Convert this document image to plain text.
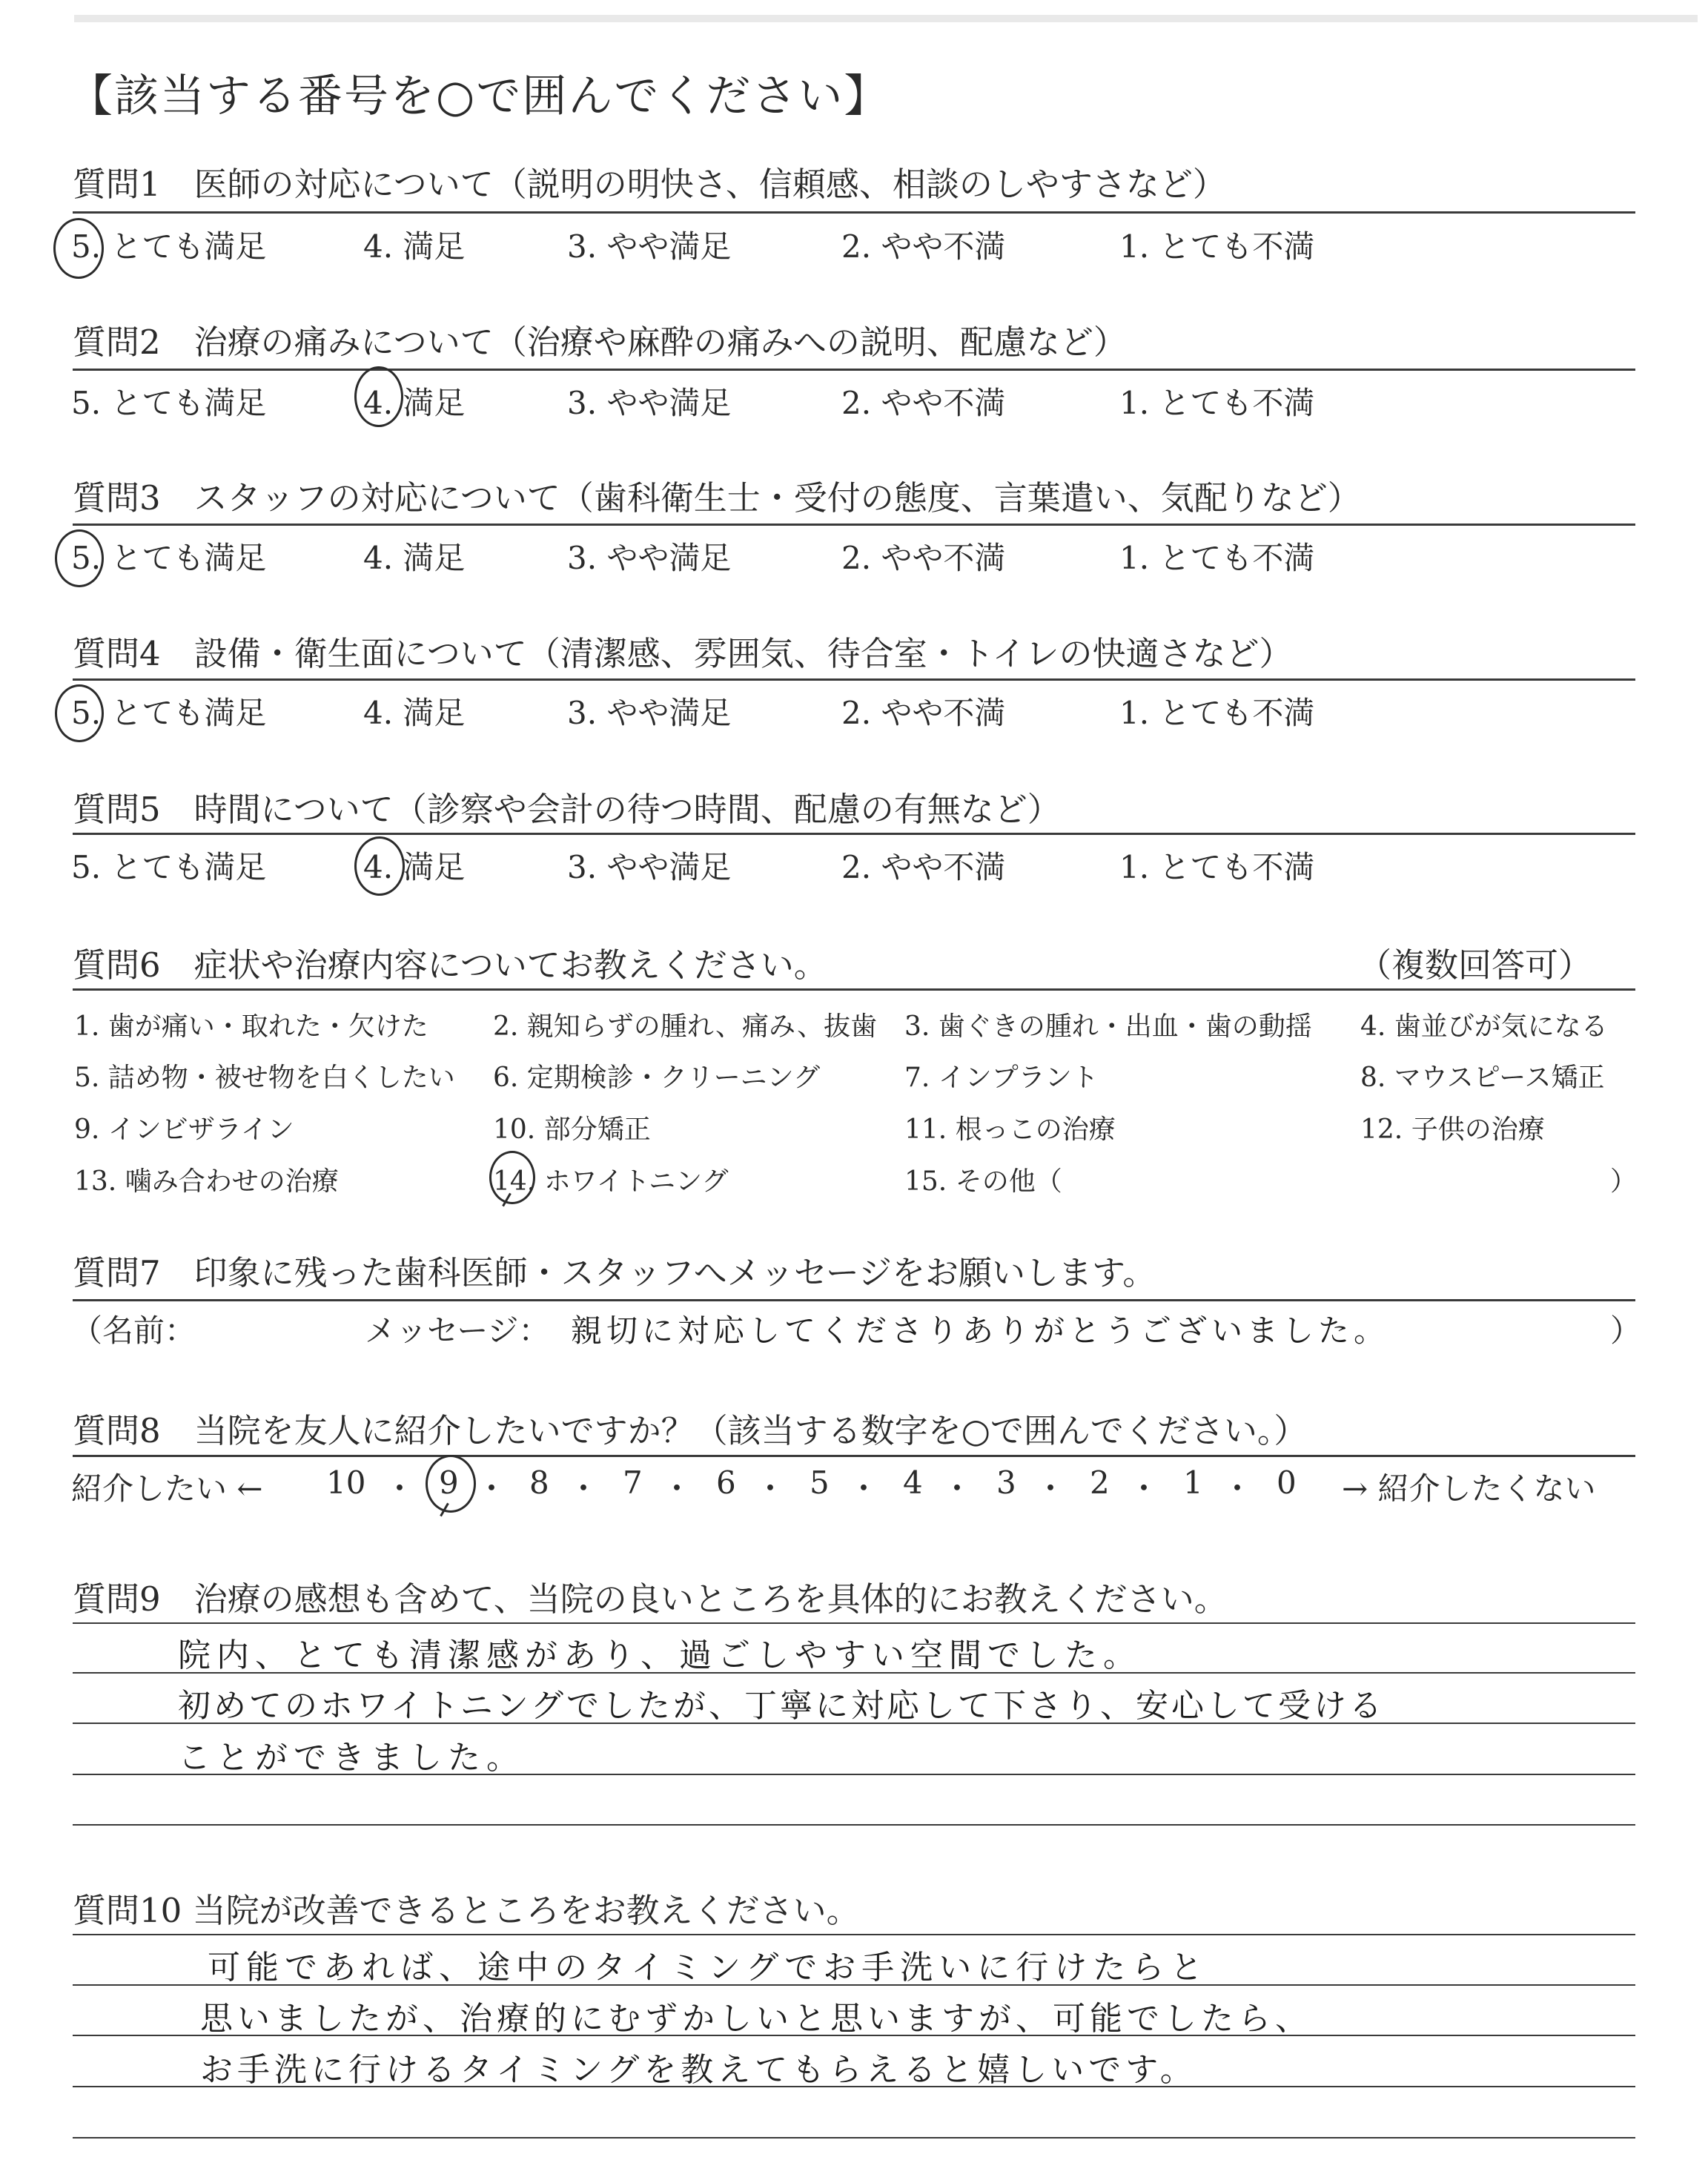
【該当する番号を○で囲んでください】
質問1　医師の対応について（説明の明快さ、信頼感、相談のしやすさなど）
5. とても満足	4. 満足	3. やや満足	2. やや不満	1. とても不満
質問2　治療の痛みについて（治療や麻酔の痛みへの説明、配慮など）
5. とても満足	4. 満足	3. やや満足	2. やや不満	1. とても不満
質問3　スタッフの対応について（歯科衛生士・受付の態度、言葉遣い、気配りなど）
5. とても満足	4. 満足	3. やや満足	2. やや不満	1. とても不満
質問4　設備・衛生面について（清潔感、雰囲気、待合室・トイレの快適さなど）
5. とても満足	4. 満足	3. やや満足	2. やや不満	1. とても不満
質問5　時間について（診察や会計の待つ時間、配慮の有無など）
5. とても満足	4. 満足	3. やや満足	2. やや不満	1. とても不満
質問6　症状や治療内容についてお教えください。	（複数回答可）
1. 歯が痛い・取れた・欠けた 2. 親知らずの腫れ、痛み、抜歯 3. 歯ぐきの腫れ・出血・歯の動揺 4. 歯並びが気になる
5. 詰め物・被せ物を白くしたい 6. 定期検診・クリーニング	7. インプラント	8. マウスピース矯正
9. インビザライン	10. 部分矯正	11. 根っこの治療	12. 子供の治療
13. 噛み合わせの治療	14. ホワイトニング	15. その他（	）
質問7　印象に残った歯科医師・スタッフへメッセージをお願いします。
（名前：	メッセージ： 親切に対応してくださりありがとうございました。	）
質問8　当院を友人に紹介したいですか？（該当する数字を○で囲んでください。）
紹介したい ← 10 ・ 9 ・ 8 ・ 7 ・ 6 ・ 5 ・ 4 ・ 3 ・ 2 ・ 1 ・ 0 → 紹介したくない
質問9　治療の感想も含めて、当院の良いところを具体的にお教えください。
院内、とても清潔感があり、過ごしやすい空間でした。
初めてのホワイトニングでしたが、丁寧に対応して下さり、安心して受ける
ことができました。
質問10 当院が改善できるところをお教えください。
可能であれば、途中のタイミングでお手洗いに行けたらと
思いましたが、治療的にむずかしいと思いますが、可能でしたら、
お手洗に行けるタイミングを教えてもらえると嬉しいです。
